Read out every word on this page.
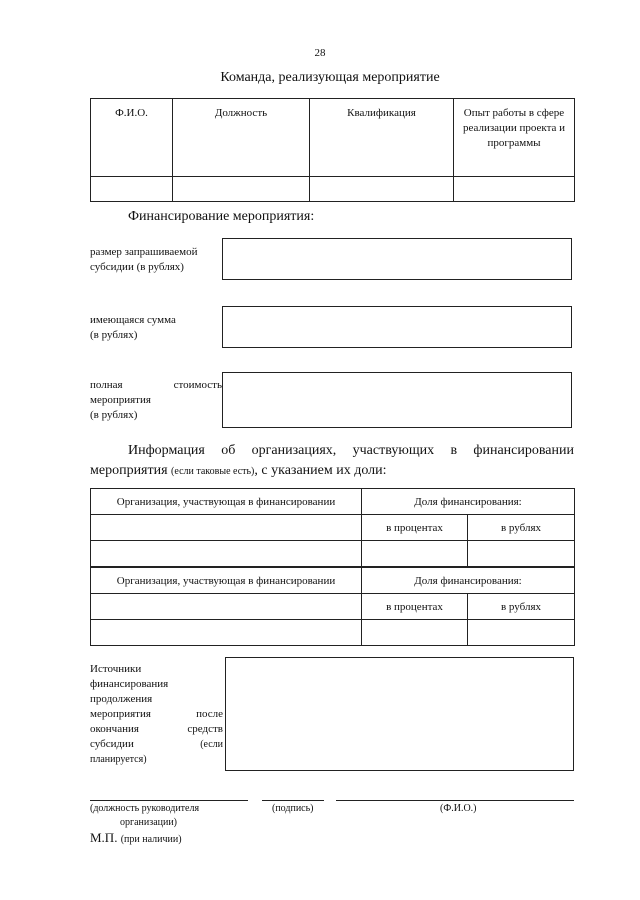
28
Команда, реализующая мероприятие
Ф.И.О.	Должность	Квалификация	Опыт работы в сфере реализации проекта и программы

Финансирование мероприятия:
размер запрашиваемой субсидии (в рублях)
имеющаяся сумма
(в рублях)
полная	стоимость
мероприятия
(в рублях)
Информация об организациях, участвующих в финансировании мероприятия (если таковые есть), с указанием их доли:
Организация, участвующая в финансировании	Доля финансирования:	
	в процентах	в рублях

Организация, участвующая в финансировании	Доля финансирования:	
	в процентах	в рублях

Источники
финансирования
продолжения
мероприятия	после
окончания	средств
субсидии	(если
планируется)
(должность руководителя
организации)
(подпись)	(Ф.И.О.)
М.П. (при наличии)
